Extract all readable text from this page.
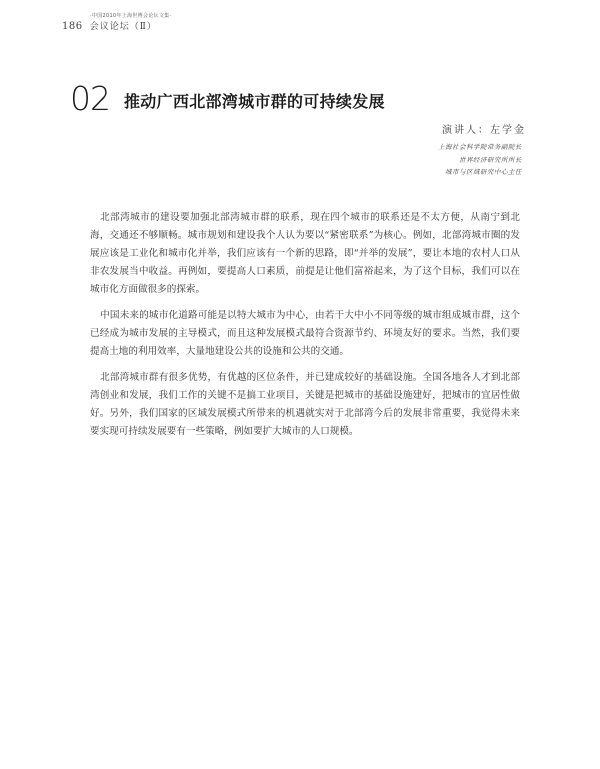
·中国2010年上海世博会论坛文集·
186 会议论坛（Ⅱ）
02 推动广西北部湾城市群的可持续发展
演讲人：左学金
上海社会科学院常务副院长
世界经济研究所所长
城市与区域研究中心主任

北部湾城市的建设要加强北部湾城市群的联系，现在四个城市的联系还是不太方便，从南宁到北海，交通还不够顺畅。城市规划和建设我个人认为要以“紧密联系”为核心。例如，北部湾城市圈的发展应该是工业化和城市化并举，我们应该有一个新的思路，即“并举的发展”，要让本地的农村人口从非农发展当中收益。再例如，要提高人口素质，前提是让他们富裕起来，为了这个目标，我们可以在城市化方面做很多的探索。

中国未来的城市化道路可能是以特大城市为中心，由若干大中小不同等级的城市组成城市群，这个已经成为城市发展的主导模式，而且这种发展模式最符合资源节约、环境友好的要求。当然，我们要提高土地的利用效率，大量地建设公共的设施和公共的交通。

北部湾城市群有很多优势，有优越的区位条件，并已建成较好的基础设施。全国各地各人才到北部湾创业和发展，我们工作的关键不是搞工业项目，关键是把城市的基础设施建好，把城市的宜居性做好。另外，我们国家的区域发展模式所带来的机遇就实对于北部湾今后的发展非常重要，我觉得未来要实现可持续发展要有一些策略，例如要扩大城市的人口规模。
